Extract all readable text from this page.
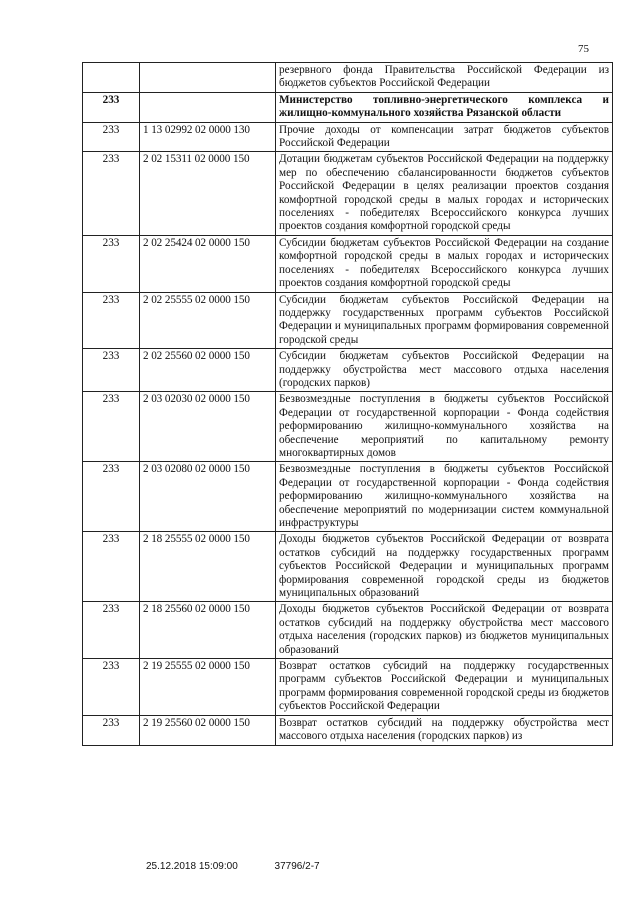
75
		резервного фонда Правительства Российской Федерации из бюджетов субъектов Российской Федерации
233		Министерство топливно-энергетического комплекса и жилищно-коммунального хозяйства Рязанской области
233	1 13 02992 02 0000 130	Прочие доходы от компенсации затрат бюджетов субъектов Российской Федерации
233	2 02 15311 02 0000 150	Дотации бюджетам субъектов Российской Федерации на поддержку мер по обеспечению сбалансированности бюджетов субъектов Российской Федерации в целях реализации проектов создания комфортной городской среды в малых городах и исторических поселениях - победителях Всероссийского конкурса лучших проектов создания комфортной городской среды
233	2 02 25424 02 0000 150	Субсидии бюджетам субъектов Российской Федерации на создание комфортной городской среды в малых городах и исторических поселениях - победителях Всероссийского конкурса лучших проектов создания комфортной городской среды
233	2 02 25555 02 0000 150	Субсидии бюджетам субъектов Российской Федерации на поддержку государственных программ субъектов Российской Федерации и муниципальных программ формирования современной городской среды
233	2 02 25560 02 0000 150	Субсидии бюджетам субъектов Российской Федерации на поддержку обустройства мест массового отдыха населения (городских парков)
233	2 03 02030 02 0000 150	Безвозмездные поступления в бюджеты субъектов Российской Федерации от государственной корпорации - Фонда содействия реформированию жилищно-коммунального хозяйства на обеспечение мероприятий по капитальному ремонту многоквартирных домов
233	2 03 02080 02 0000 150	Безвозмездные поступления в бюджеты субъектов Российской Федерации от государственной корпорации - Фонда содействия реформированию жилищно-коммунального хозяйства на обеспечение мероприятий по модернизации систем коммунальной инфраструктуры
233	2 18 25555 02 0000 150	Доходы бюджетов субъектов Российской Федерации от возврата остатков субсидий на поддержку государственных программ субъектов Российской Федерации и муниципальных программ формирования современной городской среды из бюджетов муниципальных образований
233	2 18 25560 02 0000 150	Доходы бюджетов субъектов Российской Федерации от возврата остатков субсидий на поддержку обустройства мест массового отдыха населения (городских парков) из бюджетов муниципальных образований
233	2 19 25555 02 0000 150	Возврат остатков субсидий на поддержку государственных программ субъектов Российской Федерации и муниципальных программ формирования современной городской среды из бюджетов субъектов Российской Федерации
233	2 19 25560 02 0000 150	Возврат остатков субсидий на поддержку обустройства мест массового отдыха населения (городских парков) из
25.12.2018 15:09:00	37796/2-7
